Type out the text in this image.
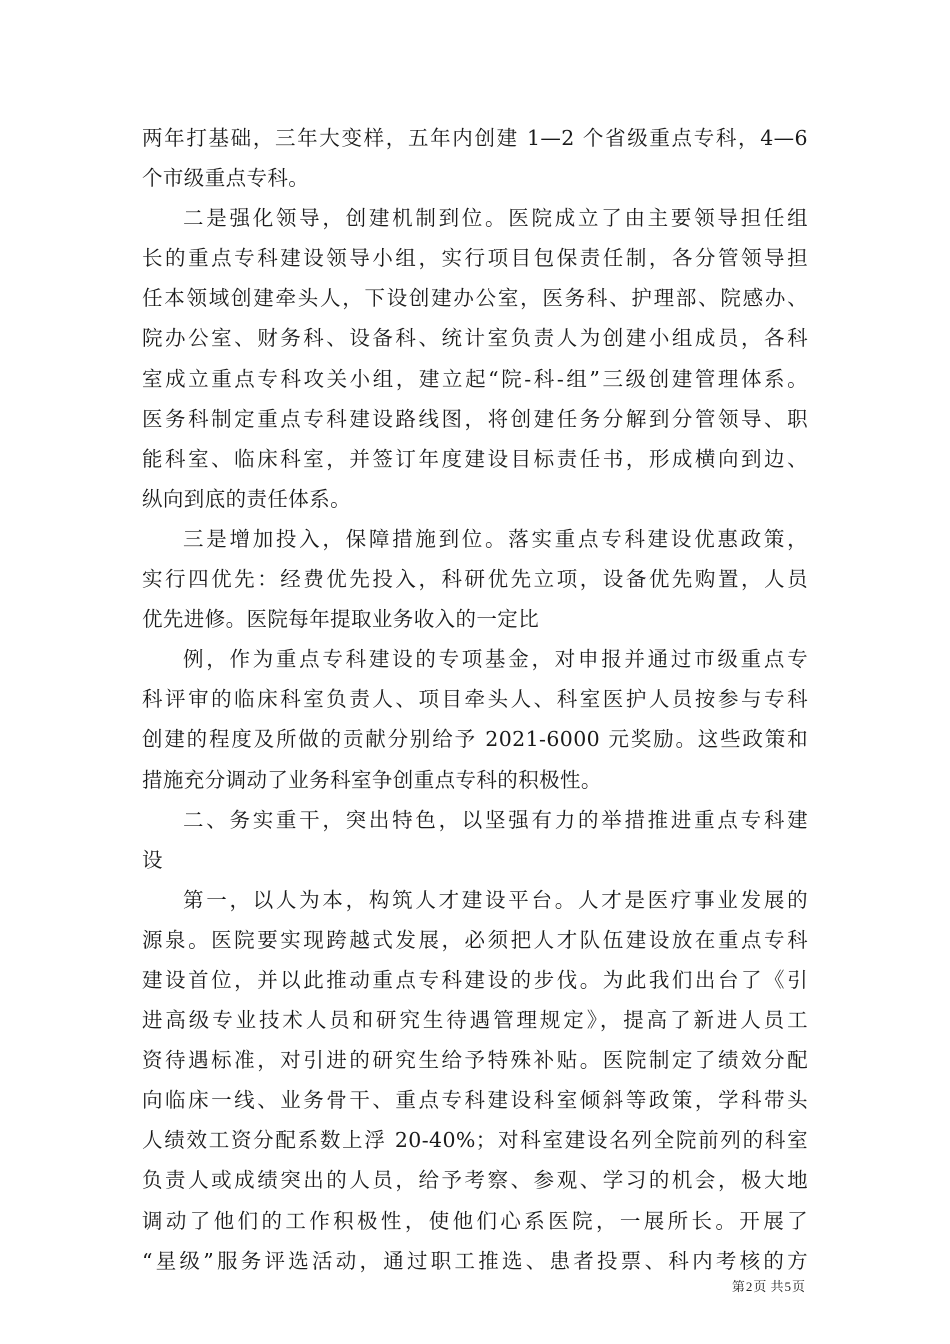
两年打基础，三年大变样，五年内创建 1—2 个省级重点专科，4—6
个市级重点专科。
二是强化领导，创建机制到位。医院成立了由主要领导担任组
长的重点专科建设领导小组，实行项目包保责任制，各分管领导担
任本领域创建牵头人，下设创建办公室，医务科、护理部、院感办、
院办公室、财务科、设备科、统计室负责人为创建小组成员，各科
室成立重点专科攻关小组，建立起“院-科-组”三级创建管理体系。
医务科制定重点专科建设路线图，将创建任务分解到分管领导、职
能科室、临床科室，并签订年度建设目标责任书，形成横向到边、
纵向到底的责任体系。
三是增加投入，保障措施到位。落实重点专科建设优惠政策，
实行四优先：经费优先投入，科研优先立项，设备优先购置，人员
优先进修。医院每年提取业务收入的一定比
例，作为重点专科建设的专项基金，对申报并通过市级重点专
科评审的临床科室负责人、项目牵头人、科室医护人员按参与专科
创建的程度及所做的贡献分别给予 2021-6000 元奖励。这些政策和
措施充分调动了业务科室争创重点专科的积极性。
二、务实重干，突出特色，以坚强有力的举措推进重点专科建
设
第一，以人为本，构筑人才建设平台。人才是医疗事业发展的
源泉。医院要实现跨越式发展，必须把人才队伍建设放在重点专科
建设首位，并以此推动重点专科建设的步伐。为此我们出台了《引
进高级专业技术人员和研究生待遇管理规定》，提高了新进人员工
资待遇标准，对引进的研究生给予特殊补贴。医院制定了绩效分配
向临床一线、业务骨干、重点专科建设科室倾斜等政策，学科带头
人绩效工资分配系数上浮 20-40%；对科室建设名列全院前列的科室
负责人或成绩突出的人员，给予考察、参观、学习的机会，极大地
调动了他们的工作积极性，使他们心系医院，一展所长。开展了
“星级”服务评选活动，通过职工推选、患者投票、科内考核的方
第2页 共5页
